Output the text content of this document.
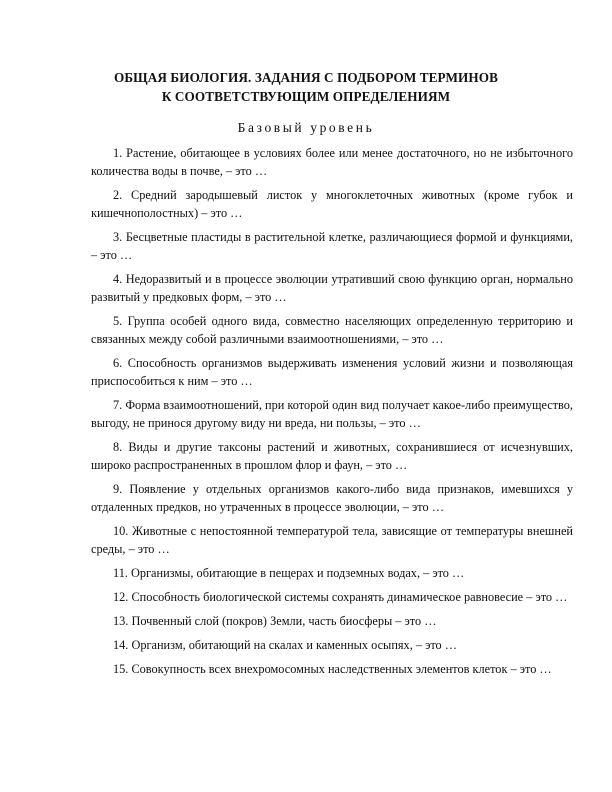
ОБЩАЯ БИОЛОГИЯ. ЗАДАНИЯ С ПОДБОРОМ ТЕРМИНОВ
К СООТВЕТСТВУЮЩИМ ОПРЕДЕЛЕНИЯМ
Базовый уровень

1. Растение, обитающее в условиях более или менее достаточного, но не избыточного количества воды в почве, – это …

2. Средний зародышевый листок у многоклеточных животных (кроме губок и кишечнополостных) – это …

3. Бесцветные пластиды в растительной клетке, различающиеся формой и функциями, – это …

4. Недоразвитый и в процессе эволюции утративший свою функцию орган, нормально развитый у предковых форм, – это …

5. Группа особей одного вида, совместно населяющих определенную территорию и связанных между собой различными взаимоотношениями, – это …

6. Способность организмов выдерживать изменения условий жизни и позволяющая приспособиться к ним – это …

7. Форма взаимоотношений, при которой один вид получает какое-либо преимущество, выгоду, не принося другому виду ни вреда, ни пользы, – это …

8. Виды и другие таксоны растений и животных, сохранившиеся от исчезнувших, широко распространенных в прошлом флор и фаун, – это …

9. Появление у отдельных организмов какого-либо вида признаков, имевшихся у отдаленных предков, но утраченных в процессе эволюции, – это …

10. Животные с непостоянной температурой тела, зависящие от температуры внешней среды, – это …

11. Организмы, обитающие в пещерах и подземных водах, – это …

12. Способность биологической системы сохранять динамическое равновесие – это …

13. Почвенный слой (покров) Земли, часть биосферы – это …

14. Организм, обитающий на скалах и каменных осыпях, – это …

15. Совокупность всех внехромосомных наследственных элементов клеток – это …
